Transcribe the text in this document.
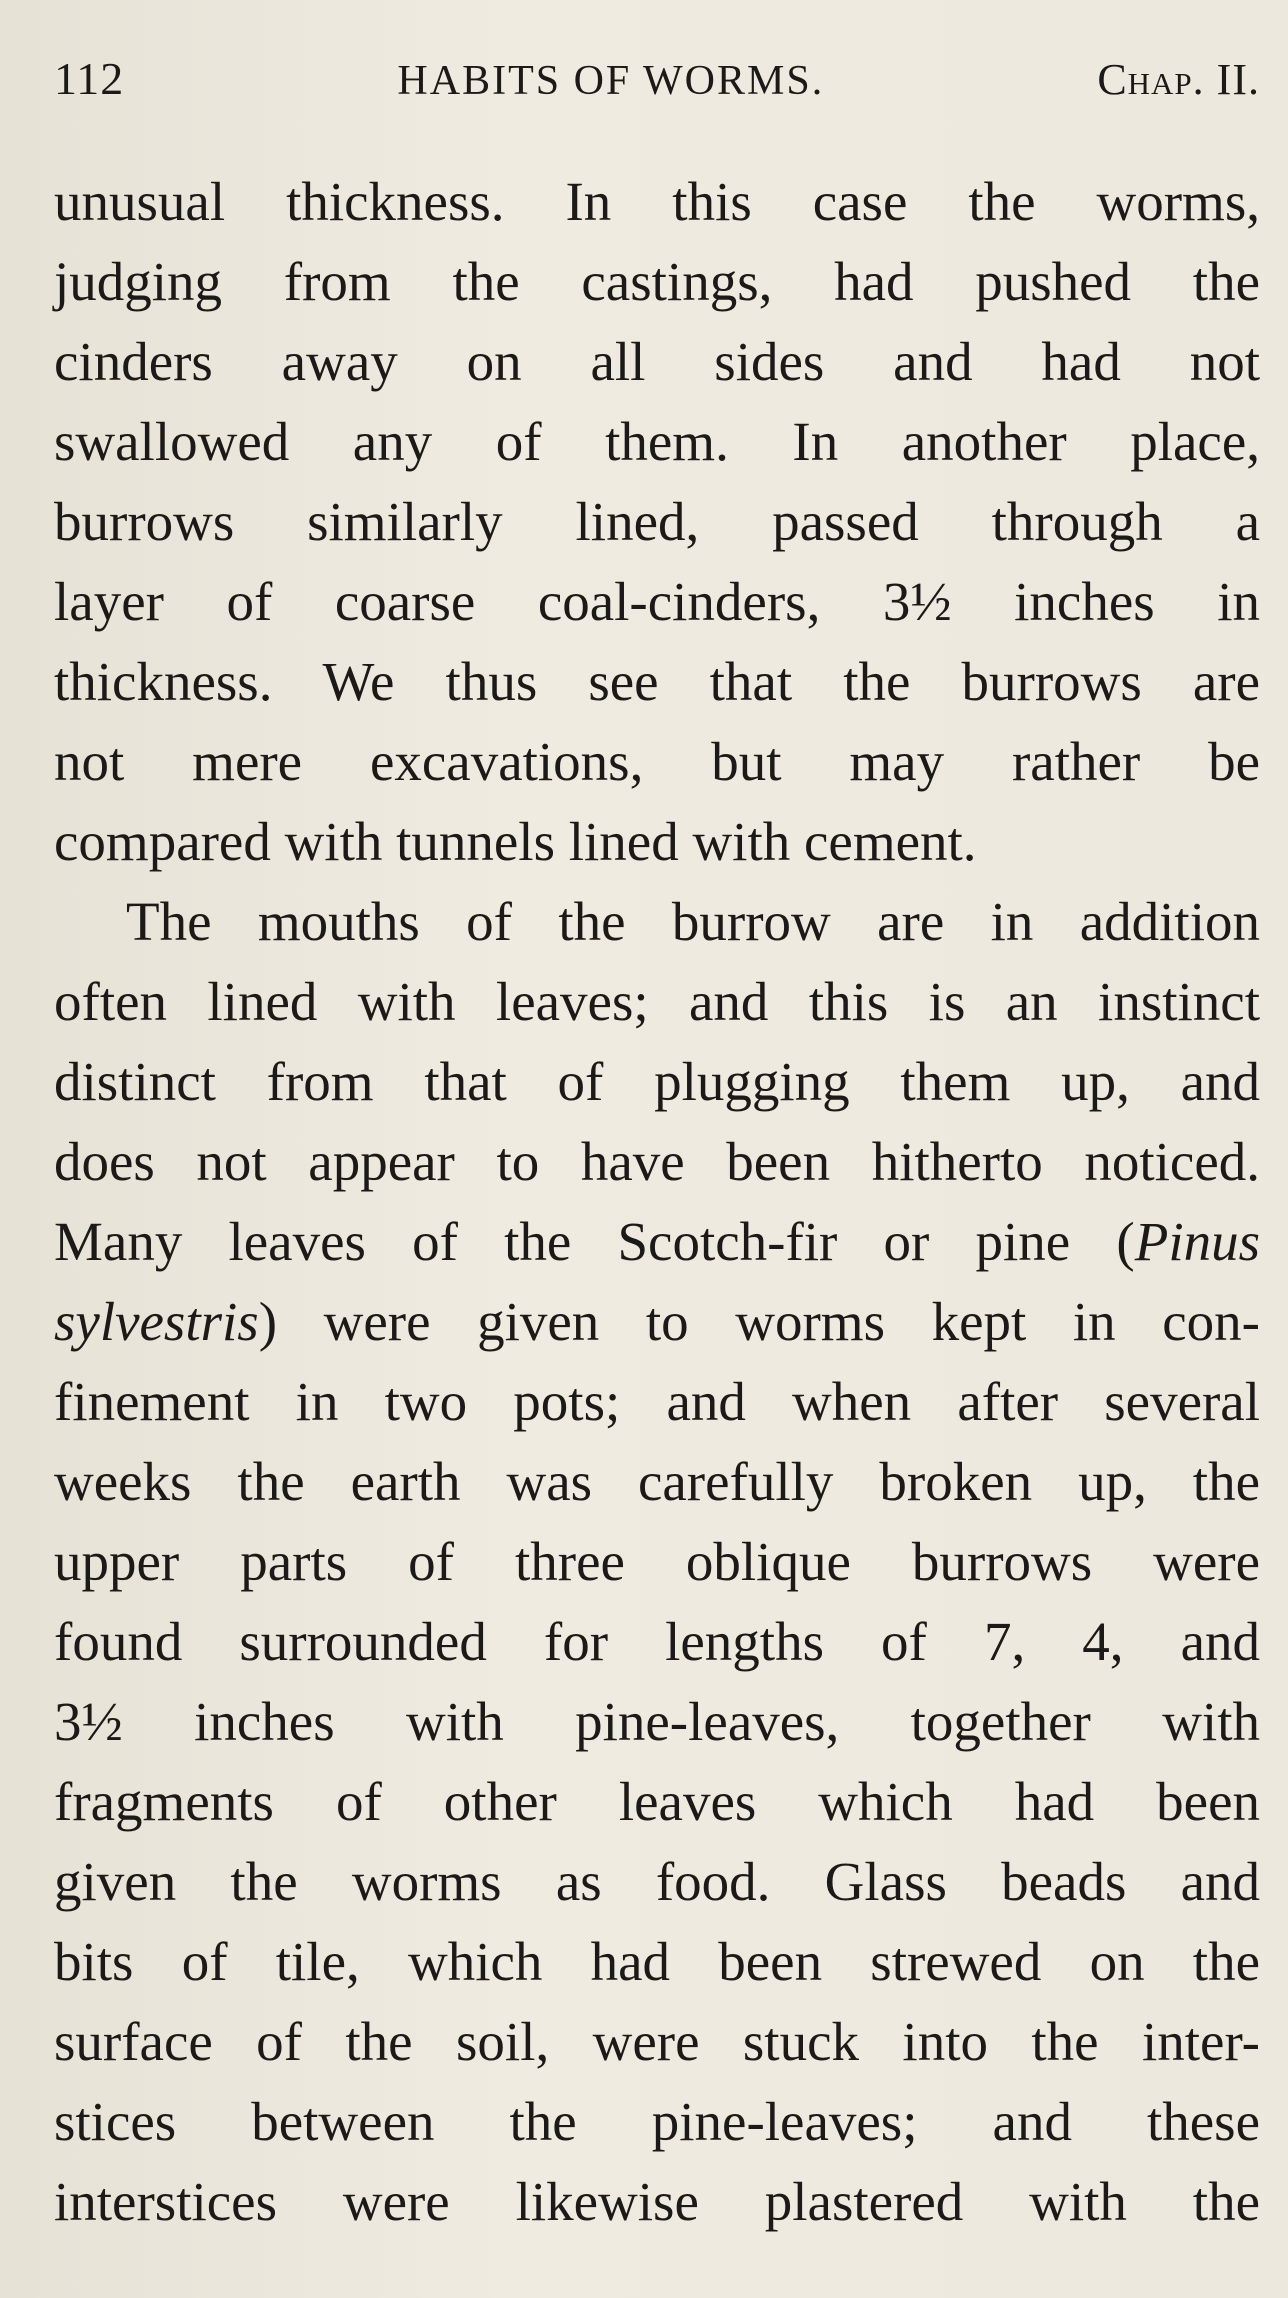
112	HABITS OF WORMS.	Chap. II.
unusual thickness. In this case the worms,
judging from the castings, had pushed the
cinders away on all sides and had not
swallowed any of them. In another place,
burrows similarly lined, passed through a
layer of coarse coal-cinders, 3½ inches in
thickness. We thus see that the burrows are
not mere excavations, but may rather be
compared with tunnels lined with cement.
The mouths of the burrow are in addition
often lined with leaves; and this is an instinct
distinct from that of plugging them up, and
does not appear to have been hitherto noticed.
Many leaves of the Scotch-fir or pine (Pinus
sylvestris) were given to worms kept in con-
finement in two pots; and when after several
weeks the earth was carefully broken up, the
upper parts of three oblique burrows were
found surrounded for lengths of 7, 4, and
3½ inches with pine-leaves, together with
fragments of other leaves which had been
given the worms as food. Glass beads and
bits of tile, which had been strewed on the
surface of the soil, were stuck into the inter-
stices between the pine-leaves; and these
interstices were likewise plastered with the
